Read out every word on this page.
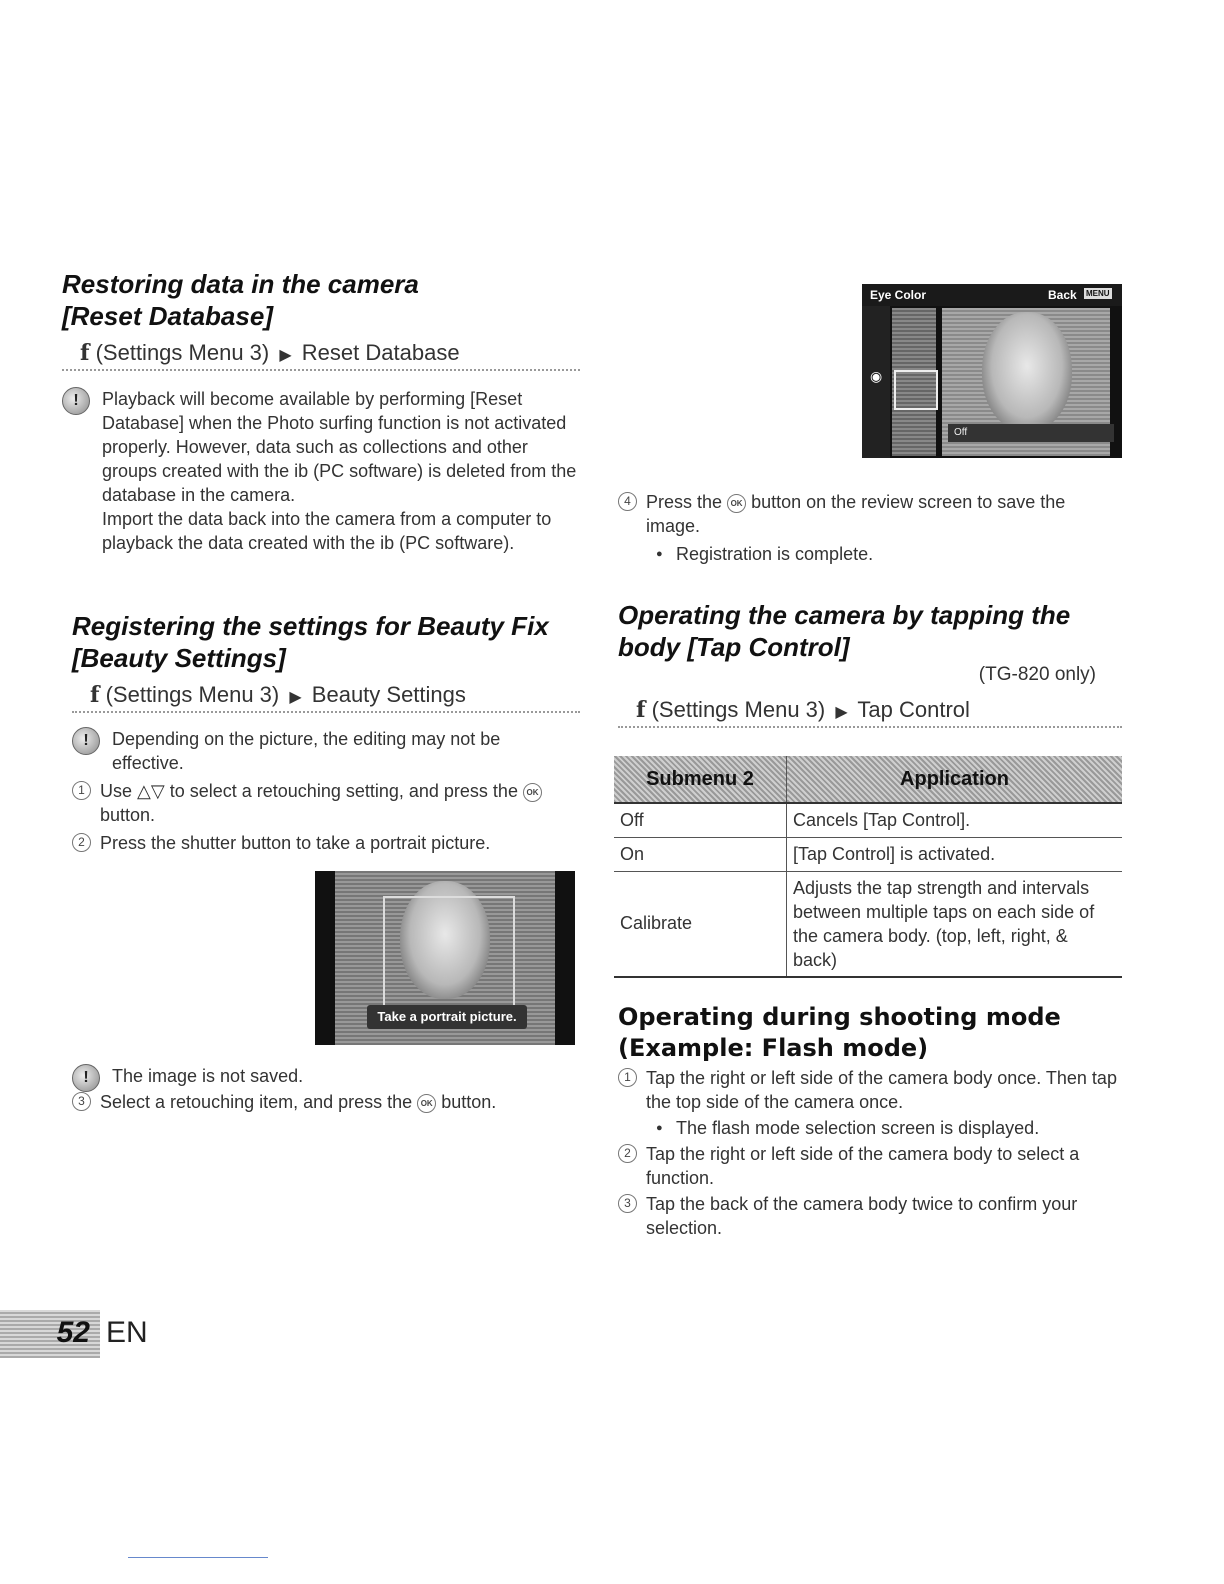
Restoring data in the camera
[Reset Database]
f (Settings Menu 3) ▶ Reset Database
!	Playback will become available by performing [Reset Database] when the Photo surfing function is not activated properly. However, data such as collections and other groups created with the ib (PC software) is deleted from the database in the camera.
Import the data back into the camera from a computer to playback the data created with the ib (PC software).
Registering the settings for Beauty Fix
[Beauty Settings]
f (Settings Menu 3) ▶ Beauty Settings
!	Depending on the picture, the editing may not be effective.
1 Use △▽ to select a retouching setting, and press the OK button.
2 Press the shutter button to take a portrait picture.
Take a portrait picture.
!	The image is not saved.
3 Select a retouching item, and press the OK button.
Eye Color	Back MENU
◉
Off
4 Press the OK button on the review screen to save the image.
● Registration is complete.
Operating the camera by tapping the
body [Tap Control]
(TG-820 only)
f (Settings Menu 3) ▶ Tap Control
Submenu 2	Application
Off	Cancels [Tap Control].
On	[Tap Control] is activated.
Calibrate	Adjusts the tap strength and intervals between multiple taps on each side of the camera body. (top, left, right, & back)
Operating during shooting mode
(Example: Flash mode)
1 Tap the right or left side of the camera body once. Then tap the top side of the camera once.
● The flash mode selection screen is displayed.
2 Tap the right or left side of the camera body to select a function.
3 Tap the back of the camera body twice to confirm your selection.
52 EN
